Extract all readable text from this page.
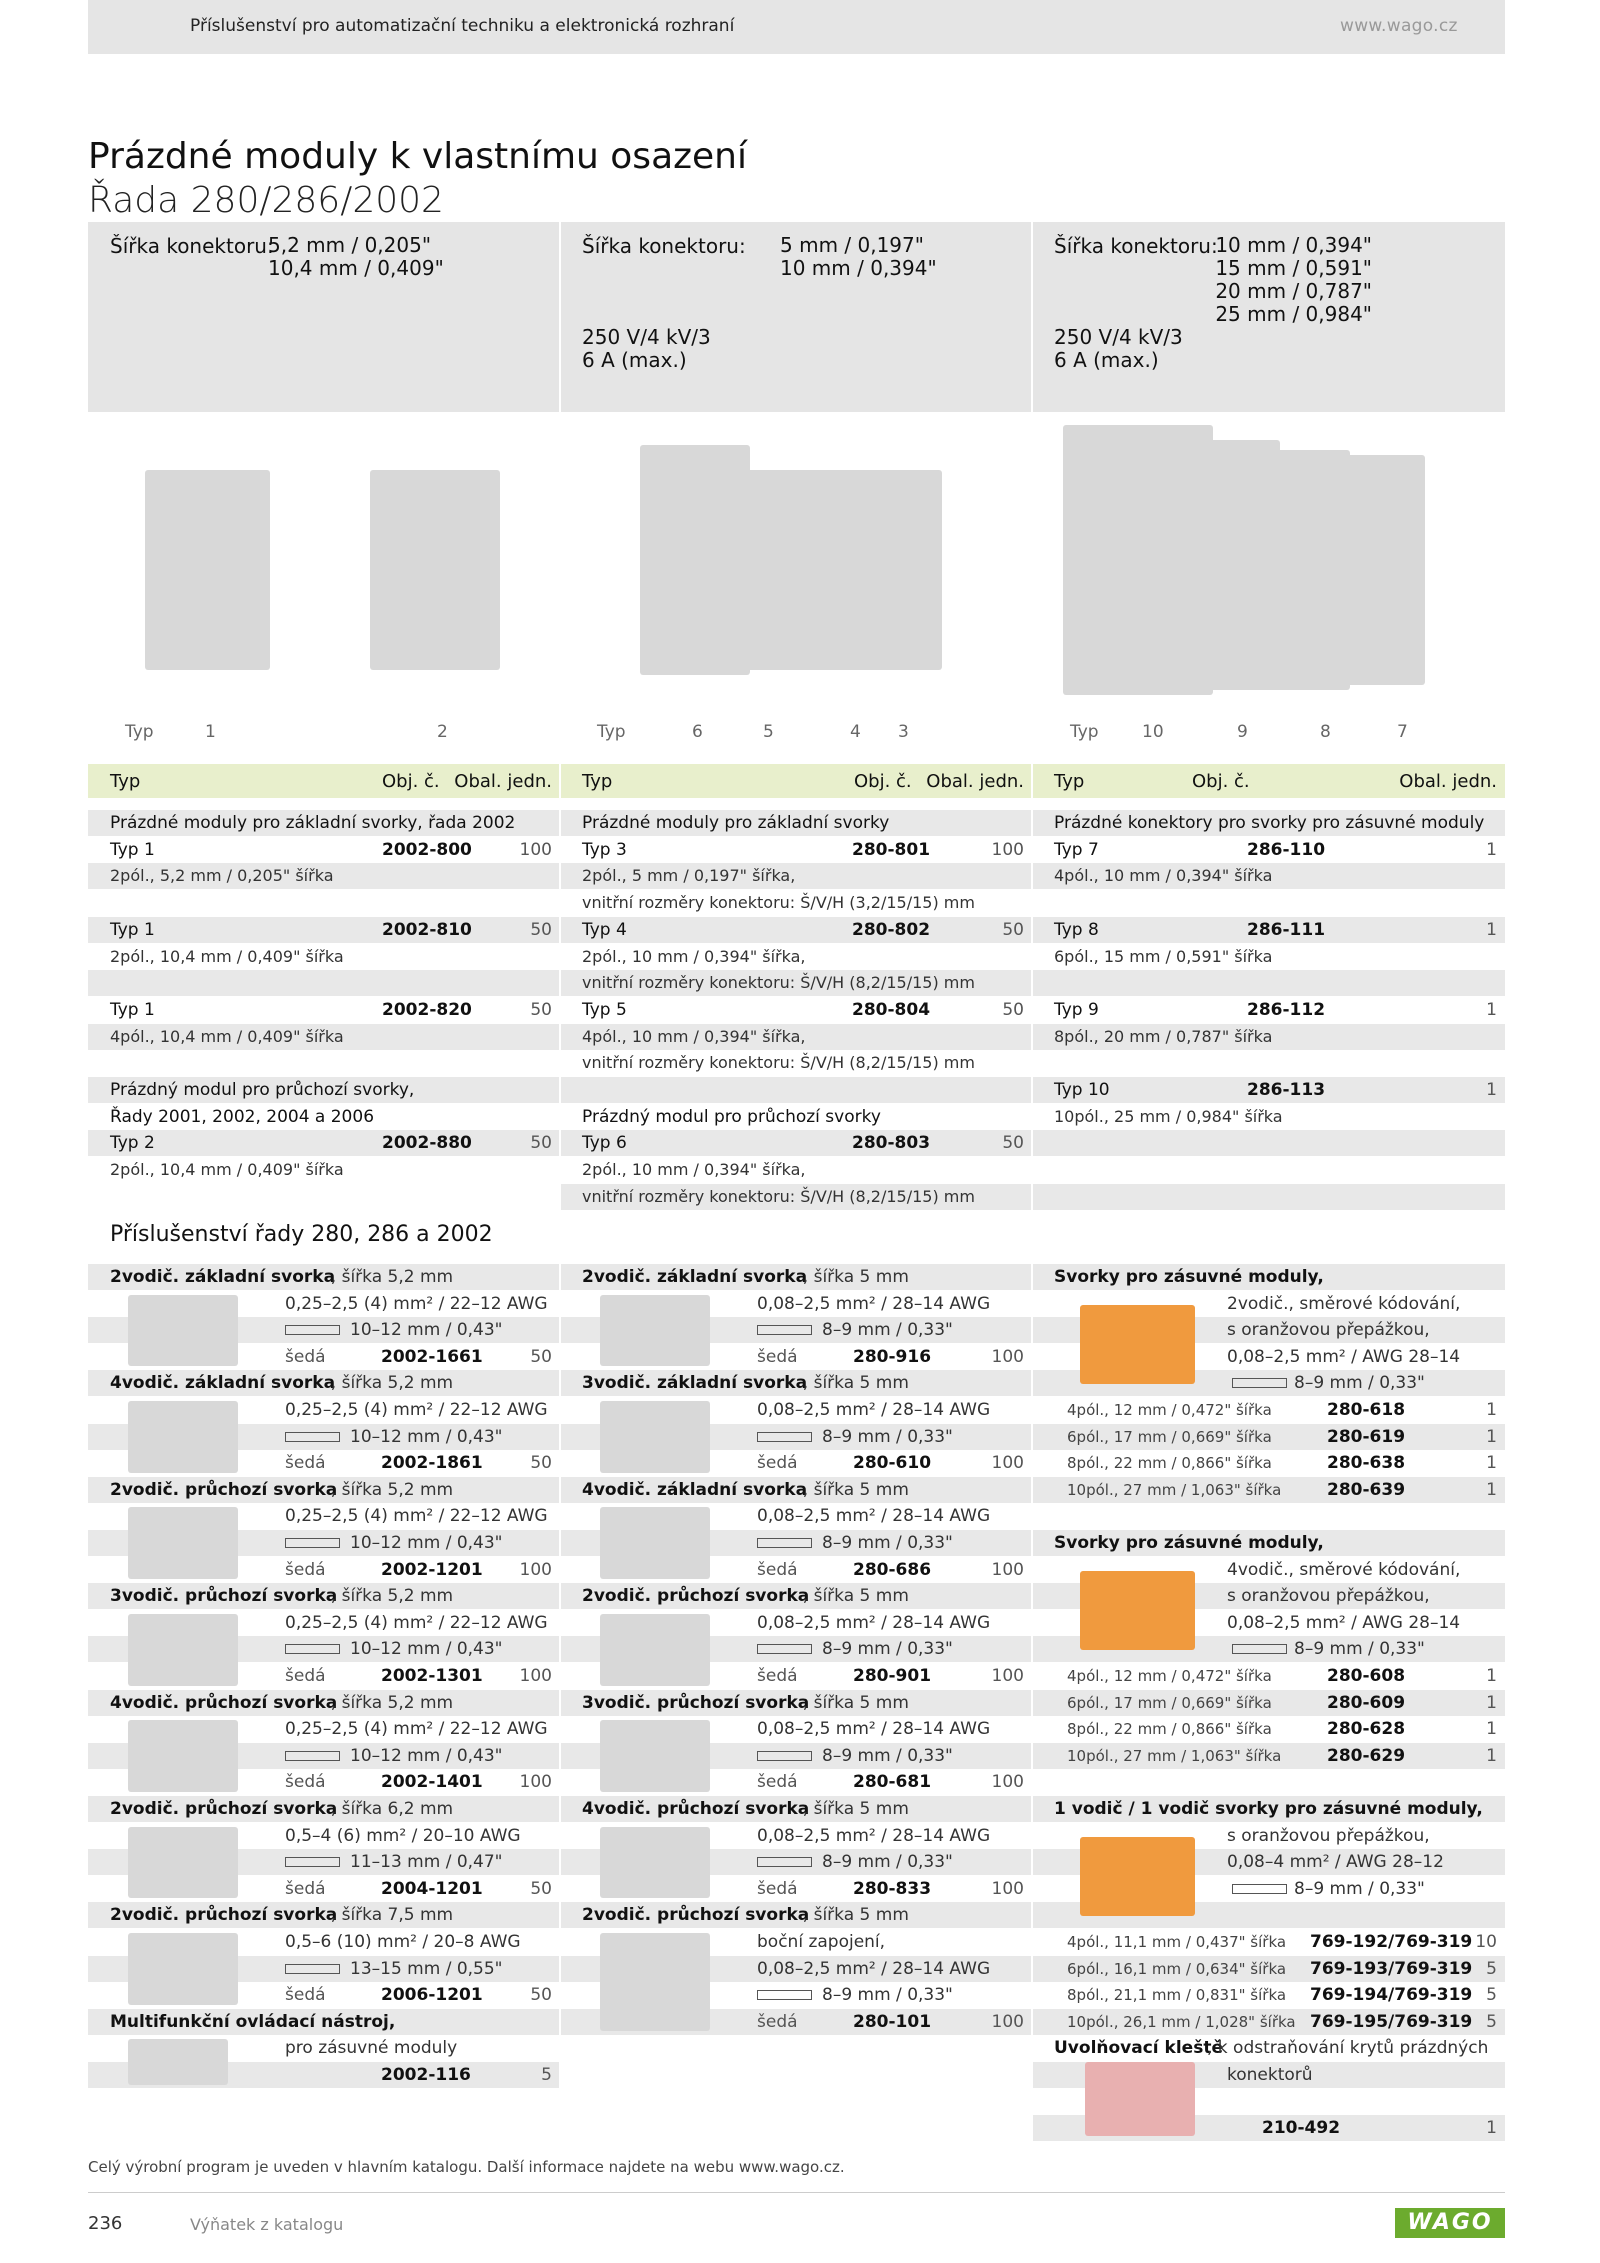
Příslušenství pro automatizační techniku a elektronická rozhraní	www.wago.cz
Prázdné moduly k vlastnímu osazení
Řada 280/286/2002
Šířka konektoru:
5,2 mm / 0,205"
10,4 mm / 0,409"
Šířka konektoru: 5 mm / 0,197"
10 mm / 0,394"
250 V/4 kV/3
6 A (max.)
Šířka konektoru:
10 mm / 0,394"
15 mm / 0,591"
20 mm / 0,787"
25 mm / 0,984"
250 V/4 kV/3
6 A (max.)
Typ	1	2	Typ	6	5	4 3	Typ	10	9	8	7
Typ	Obj. č. Obal. jedn. Typ	Obj. č. Obal. jedn. Typ	Obj. č.	Obal. jedn.
Prázdné moduly pro základní svorky, řada 2002
Typ 1	2002-800	100
2pól., 5,2 mm / 0,205" šířka
Typ 1	2002-810	50
2pól., 10,4 mm / 0,409" šířka
Typ 1	2002-820	50
4pól., 10,4 mm / 0,409" šířka
Prázdný modul pro průchozí svorky,
Řady 2001, 2002, 2004 a 2006
Typ 2	2002-880	50
2pól., 10,4 mm / 0,409" šířka
Prázdné moduly pro základní svorky
Typ 3	280-801	100
2pól., 5 mm / 0,197" šířka,
vnitřní rozměry konektoru: Š/V/H (3,2/15/15) mm
Typ 4	280-802	50
2pól., 10 mm / 0,394" šířka,
vnitřní rozměry konektoru: Š/V/H (8,2/15/15) mm
Typ 5	280-804	50
4pól., 10 mm / 0,394" šířka,
vnitřní rozměry konektoru: Š/V/H (8,2/15/15) mm
Prázdný modul pro průchozí svorky
Typ 6	280-803	50
2pól., 10 mm / 0,394" šířka,
vnitřní rozměry konektoru: Š/V/H (8,2/15/15) mm
Prázdné konektory pro svorky pro zásuvné moduly
Typ 7	286-110	1
4pól., 10 mm / 0,394" šířka
Typ 8	286-111	1
6pól., 15 mm / 0,591" šířka
Typ 9	286-112	1
8pól., 20 mm / 0,787" šířka
Typ 10	286-113	1
10pól., 25 mm / 0,984" šířka
Příslušenství řady 280, 286 a 2002
2vodič. základní svorka
, šířka 5,2 mm
0,25–2,5 (4) mm² / 22–12 AWG
10–12 mm / 0,43"
šedá	2002-1661	50
4vodič. základní svorka
, šířka 5,2 mm
0,25–2,5 (4) mm² / 22–12 AWG
10–12 mm / 0,43"
šedá	2002-1861	50
2vodič. průchozí svorka
, šířka 5,2 mm
0,25–2,5 (4) mm² / 22–12 AWG
10–12 mm / 0,43"
šedá	2002-1201 100
3vodič. průchozí svorka
, šířka 5,2 mm
0,25–2,5 (4) mm² / 22–12 AWG
10–12 mm / 0,43"
šedá	2002-1301 100
4vodič. průchozí svorka
, šířka 5,2 mm
0,25–2,5 (4) mm² / 22–12 AWG
10–12 mm / 0,43"
šedá	2002-1401 100
2vodič. průchozí svorka
, šířka 6,2 mm
0,5–4 (6) mm² / 20–10 AWG
11–13 mm / 0,47"
šedá	2004-1201	50
2vodič. průchozí svorka
, šířka 7,5 mm
0,5–6 (10) mm² / 20–8 AWG
13–15 mm / 0,55"
šedá	2006-1201	50
Multifunkční ovládací nástroj,
pro zásuvné moduly
2002-116	5
2vodič. základní svorka
, šířka 5 mm
0,08–2,5 mm² / 28–14 AWG
8–9 mm / 0,33"
šedá	280-916	100
3vodič. základní svorka
, šířka 5 mm
0,08–2,5 mm² / 28–14 AWG
8–9 mm / 0,33"
šedá	280-610	100
4vodič. základní svorka
, šířka 5 mm
0,08–2,5 mm² / 28–14 AWG
8–9 mm / 0,33"
šedá	280-686	100
2vodič. průchozí svorka
, šířka 5 mm
0,08–2,5 mm² / 28–14 AWG
8–9 mm / 0,33"
šedá	280-901	100
3vodič. průchozí svorka
, šířka 5 mm
0,08–2,5 mm² / 28–14 AWG
8–9 mm / 0,33"
šedá	280-681	100
4vodič. průchozí svorka
, šířka 5 mm
0,08–2,5 mm² / 28–14 AWG
8–9 mm / 0,33"
šedá	280-833	100
2vodič. průchozí svorka
, šířka 5 mm
boční zapojení,
0,08–2,5 mm² / 28–14 AWG
8–9 mm / 0,33"
šedá	280-101	100
Svorky pro zásuvné moduly,
2vodič., směrové kódování,
s oranžovou přepážkou,
0,08–2,5 mm² / AWG 28–14
8–9 mm / 0,33"
4pól., 12 mm / 0,472" šířka	280-618	1
6pól., 17 mm / 0,669" šířka	280-619	1
8pól., 22 mm / 0,866" šířka	280-638	1
10pól., 27 mm / 1,063" šířka	280-639	1
Svorky pro zásuvné moduly,
4vodič., směrové kódování,
s oranžovou přepážkou,
0,08–2,5 mm² / AWG 28–14
8–9 mm / 0,33"
4pól., 12 mm / 0,472" šířka	280-608	1
6pól., 17 mm / 0,669" šířka	280-609	1
8pól., 22 mm / 0,866" šířka	280-628	1
10pól., 27 mm / 1,063" šířka	280-629	1
1 vodič / 1 vodič svorky pro zásuvné moduly,
s oranžovou přepážkou,
0,08–4 mm² / AWG 28–12
8–9 mm / 0,33"
4pól., 11,1 mm / 0,437" šířka 769-192/769-319 10
6pól., 16,1 mm / 0,634" šířka 769-193/769-319 5
8pól., 21,1 mm / 0,831" šířka 769-194/769-319 5
10pól., 26,1 mm / 1,028" šířka 769-195/769-319 5
Uvolňovací kleště
, k odstraňování krytů prázdných
konektorů
210-492	1
Celý výrobní program je uveden v hlavním katalogu. Další informace najdete na webu www.wago.cz.
236	Výňatek z katalogu	WAGO
